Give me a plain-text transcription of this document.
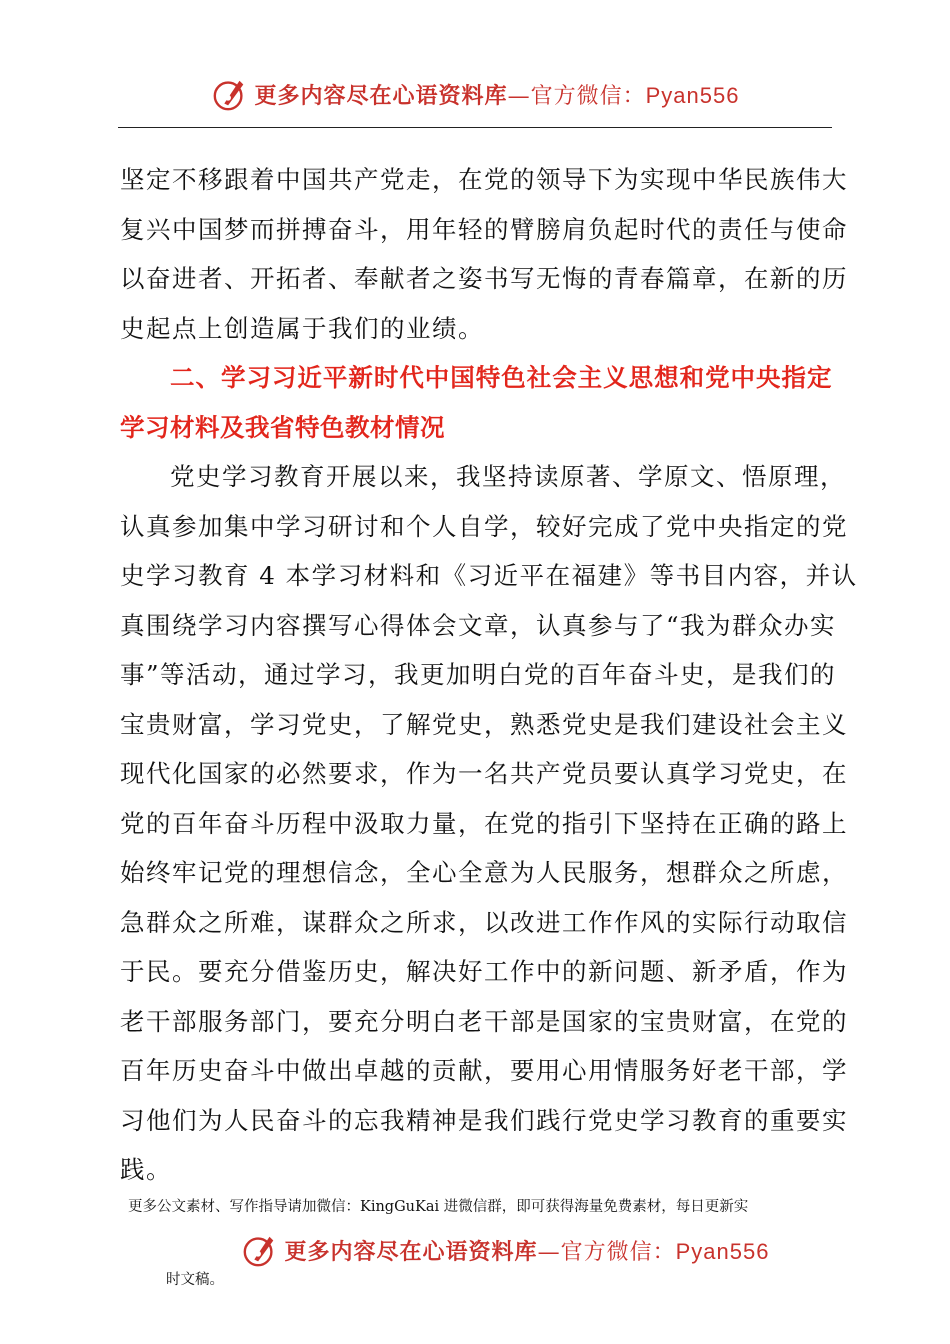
更多内容尽在心语资料库—官方微信：Pyan556
坚定不移跟着中国共产党走，在党的领导下为实现中华民族伟大
复兴中国梦而拼搏奋斗，用年轻的臂膀肩负起时代的责任与使命
以奋进者、开拓者、奉献者之姿书写无悔的青春篇章，在新的历
史起点上创造属于我们的业绩。
二、学习习近平新时代中国特色社会主义思想和党中央指定
学习材料及我省特色教材情况
党史学习教育开展以来，我坚持读原著、学原文、悟原理，
认真参加集中学习研讨和个人自学，较好完成了党中央指定的党
史学习教育 4 本学习材料和《习近平在福建》等书目内容，并认
真围绕学习内容撰写心得体会文章，认真参与了“我为群众办实
事”等活动，通过学习，我更加明白党的百年奋斗史，是我们的
宝贵财富，学习党史，了解党史，熟悉党史是我们建设社会主义
现代化国家的必然要求，作为一名共产党员要认真学习党史，在
党的百年奋斗历程中汲取力量，在党的指引下坚持在正确的路上
始终牢记党的理想信念，全心全意为人民服务，想群众之所虑，
急群众之所难，谋群众之所求，以改进工作作风的实际行动取信
于民。要充分借鉴历史，解决好工作中的新问题、新矛盾，作为
老干部服务部门，要充分明白老干部是国家的宝贵财富，在党的
百年历史奋斗中做出卓越的贡献，要用心用情服务好老干部，学
习他们为人民奋斗的忘我精神是我们践行党史学习教育的重要实
践。
更多公文素材、写作指导请加微信：KingGuKai 进微信群，即可获得海量免费素材，每日更新实
更多内容尽在心语资料库—官方微信：Pyan556
时文稿。
